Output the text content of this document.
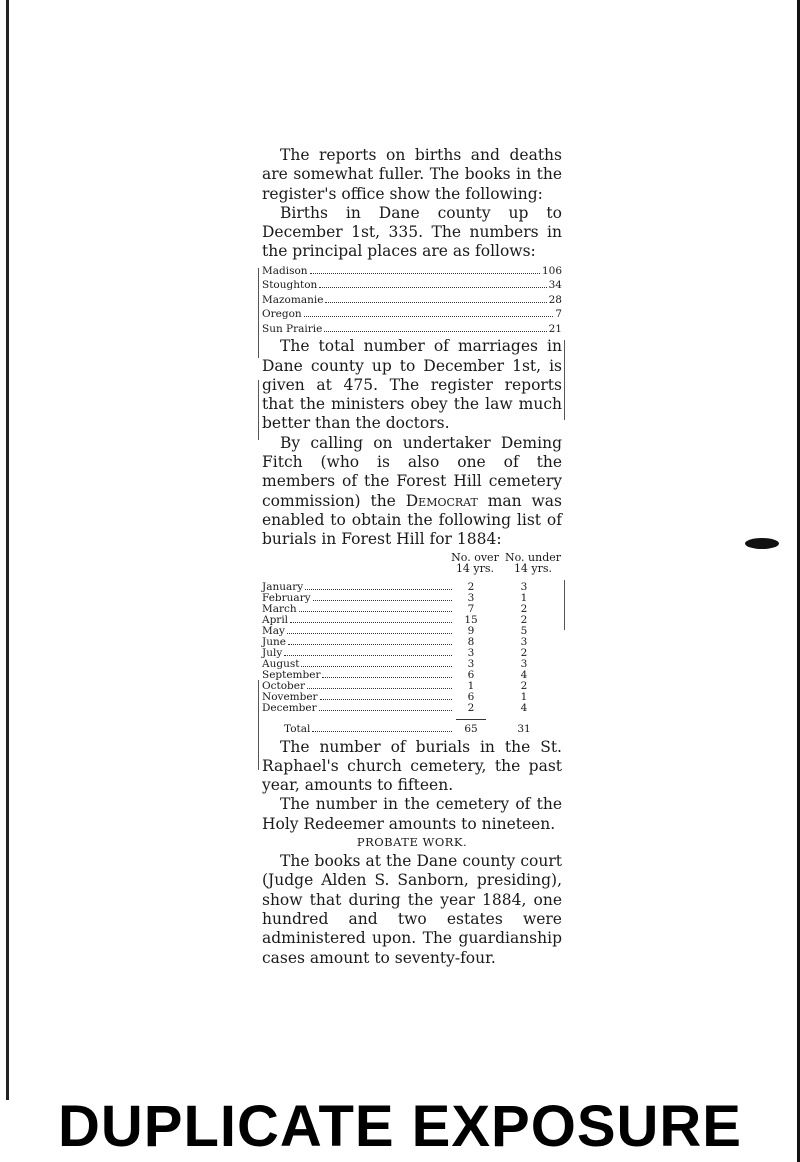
The reports on births and deaths are somewhat fuller. The books in the register's office show the following:

Births in Dane county up to December 1st, 335. The numbers in the principal places are as follows:

Madison	106
Stoughton	34
Mazomanie	28
Oregon	7
Sun Prairie	21

The total number of marriages in Dane county up to December 1st, is given at 475. The register reports that the ministers obey the law much better than the doctors.

By calling on undertaker Deming Fitch (who is also one of the members of the Forest Hill cemetery commission) the Democrat man was enabled to obtain the following list of burials in Forest Hill for 1884:

No. over
14 yrs.
No. under
14 yrs.
January	2	3
February	3	1
March	7	2
April	15	2
May	9	5
June	8	3
July	3	2
August	3	3
September	6	4
October	1	2
November	6	1
December	2	4
Total	65	31

The number of burials in the St. Raphael's church cemetery, the past year, amounts to fifteen.

The number in the cemetery of the Holy Redeemer amounts to nineteen.

PROBATE WORK.

The books at the Dane county court (Judge Alden S. Sanborn, presiding), show that during the year 1884, one hundred and two estates were administered upon. The guardianship cases amount to seventy-four.

DUPLICATE EXPOSURE
